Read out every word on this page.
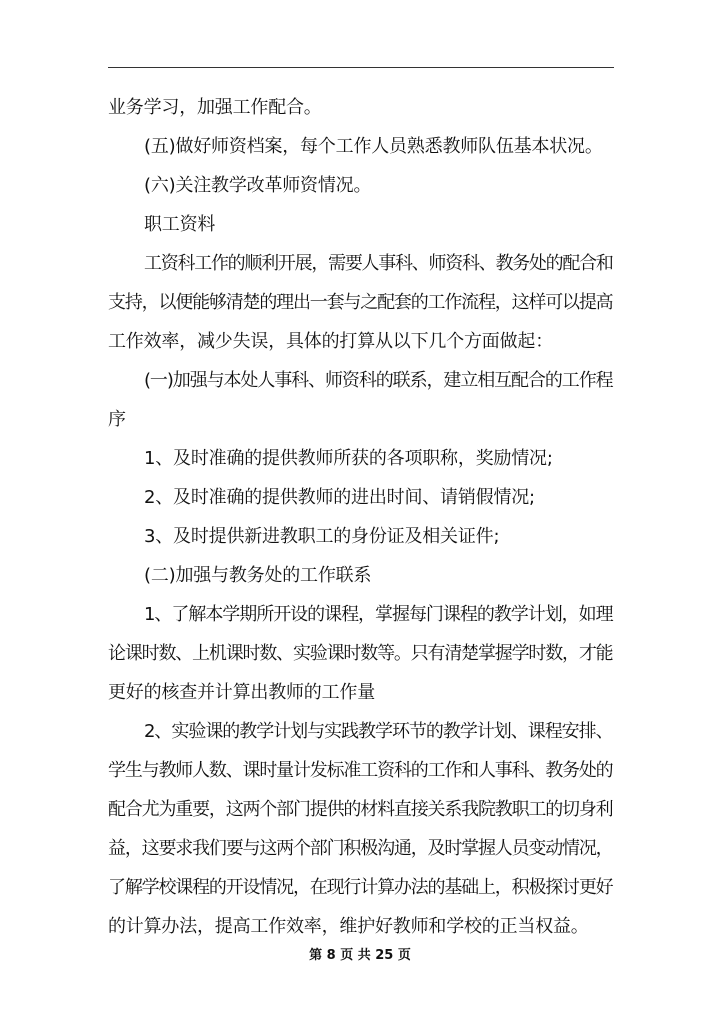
业务学习，加强工作配合。
(五)做好师资档案，每个工作人员熟悉教师队伍基本状况。
(六)关注教学改革师资情况。
职工资料
工资科工作的顺利开展，需要人事科、师资科、教务处的配合和
支持，以便能够清楚的理出一套与之配套的工作流程，这样可以提高
工作效率，减少失误，具体的打算从以下几个方面做起：
(一)加强与本处人事科、师资科的联系，建立相互配合的工作程
序
1、及时准确的提供教师所获的各项职称，奖励情况;
2、及时准确的提供教师的进出时间、请销假情况;
3、及时提供新进教职工的身份证及相关证件;
(二)加强与教务处的工作联系
1、了解本学期所开设的课程，掌握每门课程的教学计划，如理
论课时数、上机课时数、实验课时数等。只有清楚掌握学时数，才能
更好的核查并计算出教师的工作量
2、实验课的教学计划与实践教学环节的教学计划、课程安排、
学生与教师人数、课时量计发标准工资科的工作和人事科、教务处的
配合尤为重要，这两个部门提供的材料直接关系我院教职工的切身利
益，这要求我们要与这两个部门积极沟通，及时掌握人员变动情况，
了解学校课程的开设情况，在现行计算办法的基础上，积极探讨更好
的计算办法，提高工作效率，维护好教师和学校的正当权益。
第 8 页 共 25 页
